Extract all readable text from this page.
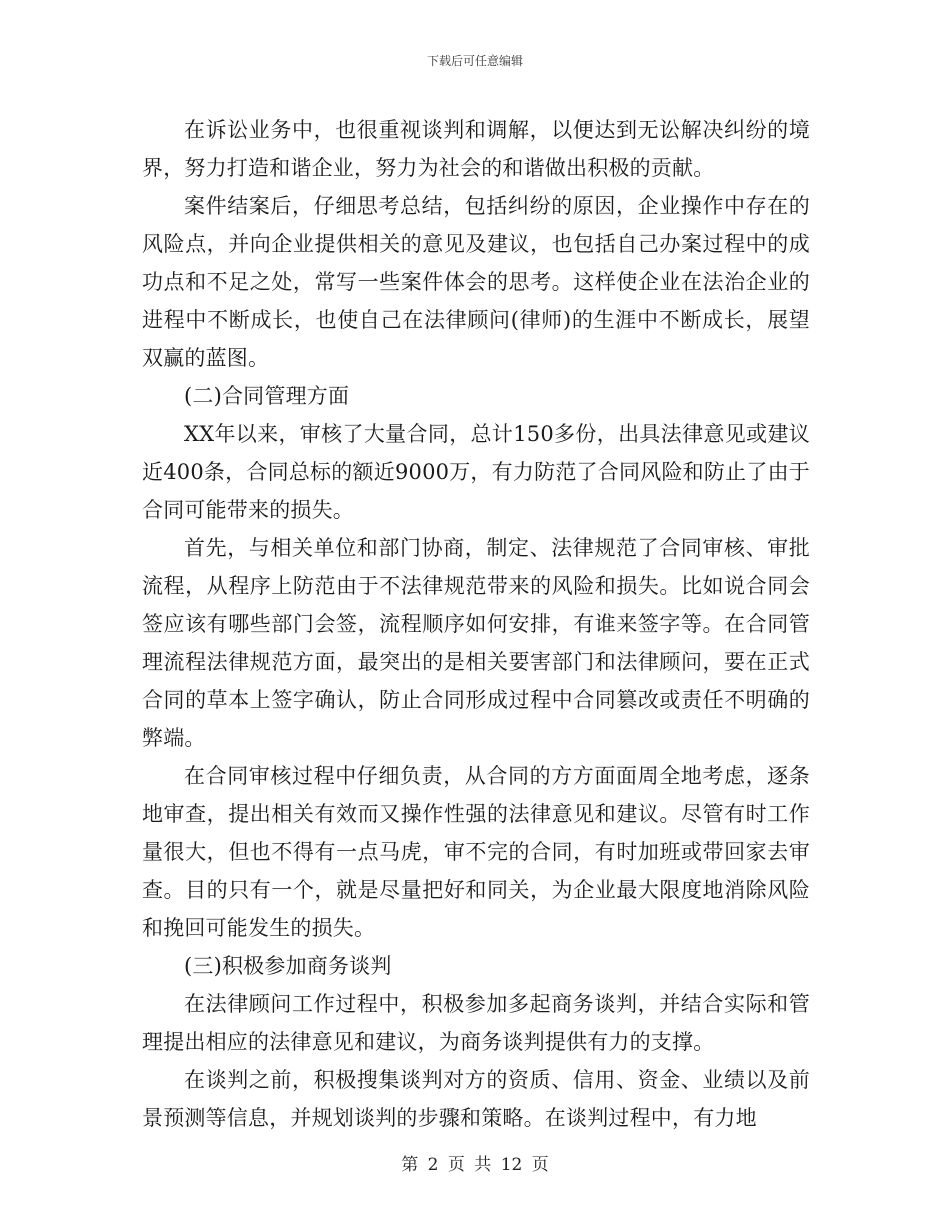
下载后可任意编辑

在诉讼业务中，也很重视谈判和调解，以便达到无讼解决纠纷的境界，努力打造和谐企业，努力为社会的和谐做出积极的贡献。

案件结案后，仔细思考总结，包括纠纷的原因，企业操作中存在的风险点，并向企业提供相关的意见及建议，也包括自己办案过程中的成功点和不足之处，常写一些案件体会的思考。这样使企业在法治企业的进程中不断成长，也使自己在法律顾问(律师)的生涯中不断成长，展望双赢的蓝图。

(二)合同管理方面

XX年以来，审核了大量合同，总计150多份，出具法律意见或建议近400条，合同总标的额近9000万，有力防范了合同风险和防止了由于合同可能带来的损失。

首先，与相关单位和部门协商，制定、法律规范了合同审核、审批流程，从程序上防范由于不法律规范带来的风险和损失。比如说合同会签应该有哪些部门会签，流程顺序如何安排，有谁来签字等。在合同管理流程法律规范方面，最突出的是相关要害部门和法律顾问，要在正式合同的草本上签字确认，防止合同形成过程中合同篡改或责任不明确的弊端。

在合同审核过程中仔细负责，从合同的方方面面周全地考虑，逐条地审查，提出相关有效而又操作性强的法律意见和建议。尽管有时工作量很大，但也不得有一点马虎，审不完的合同，有时加班或带回家去审查。目的只有一个，就是尽量把好和同关，为企业最大限度地消除风险和挽回可能发生的损失。

(三)积极参加商务谈判

在法律顾问工作过程中，积极参加多起商务谈判，并结合实际和管理提出相应的法律意见和建议，为商务谈判提供有力的支撑。

在谈判之前，积极搜集谈判对方的资质、信用、资金、业绩以及前景预测等信息，并规划谈判的步骤和策略。在谈判过程中，有力地

第 2 页 共 12 页
